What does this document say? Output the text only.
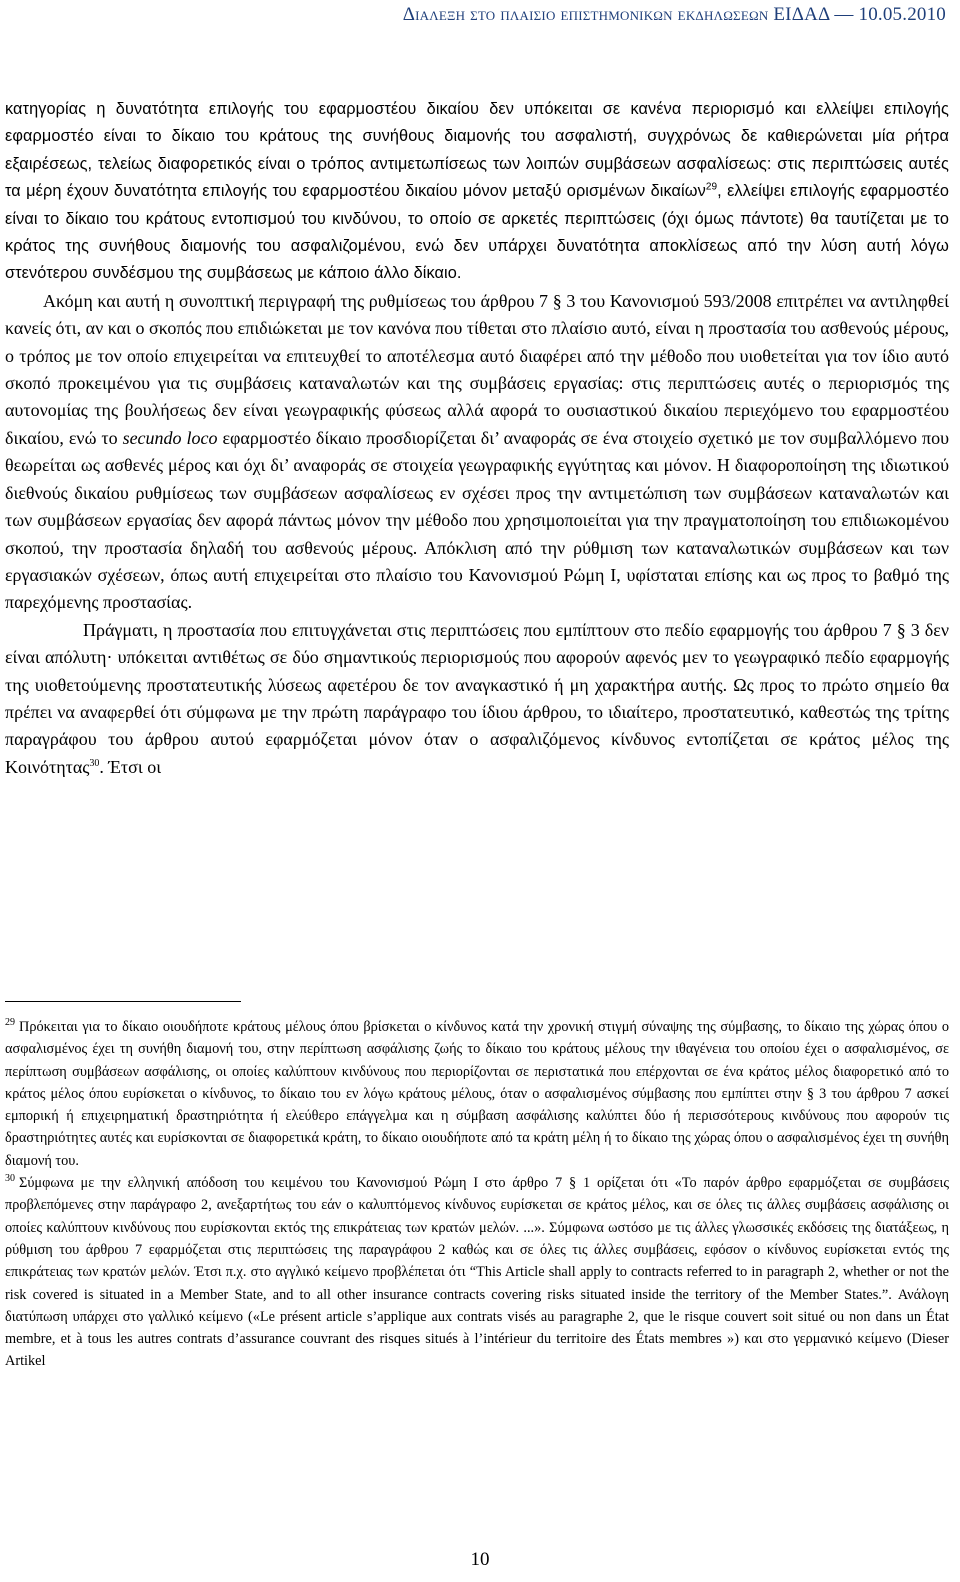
Διαλεξη στο πλαισιο επιστημονικων εκδηλωσεων ΕΙΔΑΔ — 10.05.2010

κατηγορίας η δυνατότητα επιλογής του εφαρμοστέου δικαίου δεν υπόκειται σε κανένα περιορισμό και ελλείψει επιλογής εφαρμοστέο είναι το δίκαιο του κράτους της συνήθους διαμονής του ασφαλιστή, συγχρόνως δε καθιερώνεται μία ρήτρα εξαιρέσεως, τελείως διαφορετικός είναι ο τρόπος αντιμετωπίσεως των λοιπών συμβάσεων ασφαλίσεως: στις περιπτώσεις αυτές τα μέρη έχουν δυνατότητα επιλογής του εφαρμοστέου δικαίου μόνον μεταξύ ορισμένων δικαίων$^{29}$, ελλείψει επιλογής εφαρμοστέο είναι το δίκαιο του κράτους εντοπισμού του κινδύνου, το οποίο σε αρκετές περιπτώσεις (όχι όμως πάντοτε) θα ταυτίζεται με το κράτος της συνήθους διαμονής του ασφαλιζομένου, ενώ δεν υπάρχει δυνατότητα αποκλίσεως από την λύση αυτή λόγω στενότερου συνδέσμου της συμβάσεως με κάποιο άλλο δίκαιο.

Ακόμη και αυτή η συνοπτική περιγραφή της ρυθμίσεως του άρθρου 7 § 3 του Κανονισμού 593/2008 επιτρέπει να αντιληφθεί κανείς ότι, αν και ο σκοπός που επιδιώκεται με τον κανόνα που τίθεται στο πλαίσιο αυτό, είναι η προστασία του ασθενούς μέρους, ο τρόπος με τον οποίο επιχειρείται να επιτευχθεί το αποτέλεσμα αυτό διαφέρει από την μέθοδο που υιοθετείται για τον ίδιο αυτό σκοπό προκειμένου για τις συμβάσεις καταναλωτών και της συμβάσεις εργασίας: στις περιπτώσεις αυτές ο περιορισμός της αυτονομίας της βουλήσεως δεν είναι γεωγραφικής φύσεως αλλά αφορά το ουσιαστικού δικαίου περιεχόμενο του εφαρμοστέου δικαίου, ενώ το secundo loco εφαρμοστέο δίκαιο προσδιορίζεται δι’ αναφοράς σε ένα στοιχείο σχετικό με τον συμβαλλόμενο που θεωρείται ως ασθενές μέρος και όχι δι’ αναφοράς σε στοιχεία γεωγραφικής εγγύτητας και μόνον. Η διαφοροποίηση της ιδιωτικού διεθνούς δικαίου ρυθμίσεως των συμβάσεων ασφαλίσεως εν σχέσει προς την αντιμετώπιση των συμβάσεων καταναλωτών και των συμβάσεων εργασίας δεν αφορά πάντως μόνον την μέθοδο που χρησιμοποιείται για την πραγματοποίηση του επιδιωκομένου σκοπού, την προστασία δηλαδή του ασθενούς μέρους. Απόκλιση από την ρύθμιση των καταναλωτικών συμβάσεων και των εργασιακών σχέσεων, όπως αυτή επιχειρείται στο πλαίσιο του Κανονισμού Ρώμη Ι, υφίσταται επίσης και ως προς το βαθμό της παρεχόμενης προστασίας.

Πράγματι, η προστασία που επιτυγχάνεται στις περιπτώσεις που εμπίπτουν στο πεδίο εφαρμογής του άρθρου 7 § 3 δεν είναι απόλυτη· υπόκειται αντιθέτως σε δύο σημαντικούς περιορισμούς που αφορούν αφενός μεν το γεωγραφικό πεδίο εφαρμογής της υιοθετούμενης προστατευτικής λύσεως αφετέρου δε τον αναγκαστικό ή μη χαρακτήρα αυτής. Ως προς το πρώτο σημείο θα πρέπει να αναφερθεί ότι σύμφωνα με την πρώτη παράγραφο του ίδιου άρθρου, το ιδιαίτερο, προστατευτικό, καθεστώς της τρίτης παραγράφου του άρθρου αυτού εφαρμόζεται μόνον όταν ο ασφαλιζόμενος κίνδυνος εντοπίζεται σε κράτος μέλος της Κοινότητας$^{30}$. Έτσι οι

$^{29}$ Πρόκειται για το δίκαιο οιουδήποτε κράτους μέλους όπου βρίσκεται ο κίνδυνος κατά την χρονική στιγμή σύναψης της σύμβασης, το δίκαιο της χώρας όπου ο ασφαλισμένος έχει τη συνήθη διαμονή του, στην περίπτωση ασφάλισης ζωής το δίκαιο του κράτους μέλους την ιθαγένεια του οποίου έχει ο ασφαλισμένος, σε περίπτωση συμβάσεων ασφάλισης, οι οποίες καλύπτουν κινδύνους που περιορίζονται σε περιστατικά που επέρχονται σε ένα κράτος μέλος διαφορετικό από το κράτος μέλος όπου ευρίσκεται ο κίνδυνος, το δίκαιο του εν λόγω κράτους μέλους, όταν ο ασφαλισμένος σύμβασης που εμπίπτει στην § 3 του άρθρου 7 ασκεί εμπορική ή επιχειρηματική δραστηριότητα ή ελεύθερο επάγγελμα και η σύμβαση ασφάλισης καλύπτει δύο ή περισσότερους κινδύνους που αφορούν τις δραστηριότητες αυτές και ευρίσκονται σε διαφορετικά κράτη, το δίκαιο οιουδήποτε από τα κράτη μέλη ή το δίκαιο της χώρας όπου ο ασφαλισμένος έχει τη συνήθη διαμονή του.

$^{30}$ Σύμφωνα με την ελληνική απόδοση του κειμένου του Κανονισμού Ρώμη Ι στο άρθρο 7 § 1 ορίζεται ότι «Το παρόν άρθρο εφαρμόζεται σε συμβάσεις προβλεπόμενες στην παράγραφο 2, ανεξαρτήτως του εάν ο καλυπτόμενος κίνδυνος ευρίσκεται σε κράτος μέλος, και σε όλες τις άλλες συμβάσεις ασφάλισης οι οποίες καλύπτουν κινδύνους που ευρίσκονται εκτός της επικράτειας των κρατών μελών. ...». Σύμφωνα ωστόσο με τις άλλες γλωσσικές εκδόσεις της διατάξεως, η ρύθμιση του άρθρου 7 εφαρμόζεται στις περιπτώσεις της παραγράφου 2 καθώς και σε όλες τις άλλες συμβάσεις, εφόσον ο κίνδυνος ευρίσκεται εντός της επικράτειας των κρατών μελών. Έτσι π.χ. στο αγγλικό κείμενο προβλέπεται ότι “This Article shall apply to contracts referred to in paragraph 2, whether or not the risk covered is situated in a Member State, and to all other insurance contracts covering risks situated inside the territory of the Member States.”. Ανάλογη διατύπωση υπάρχει στο γαλλικό κείμενο («Le présent article s’applique aux contrats visés au paragraphe 2, que le risque couvert soit situé ou non dans un État membre, et à tous les autres contrats d’assurance couvrant des risques situés à l’intérieur du territoire des États membres ») και στο γερμανικό κείμενο (Dieser Artikel

10
